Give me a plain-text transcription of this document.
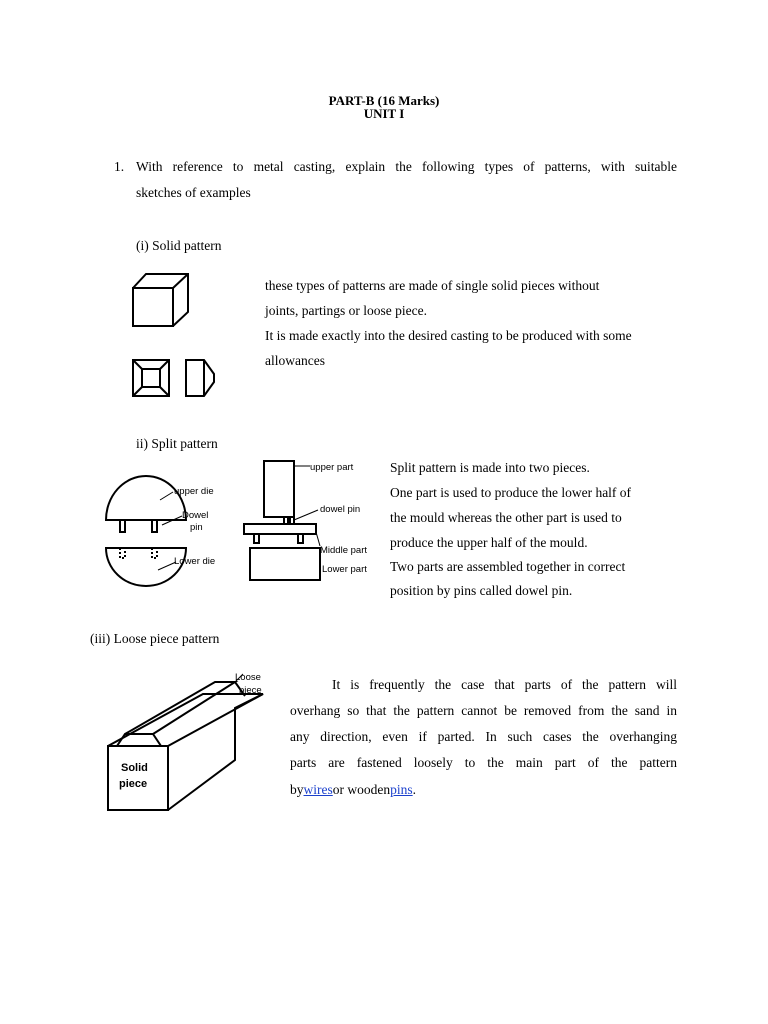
PART-B (16 Marks)
UNIT I
1. With reference to metal casting, explain the following types of patterns, with suitable
sketches of examples
(i) Solid pattern
these types of patterns are made of single solid pieces without
joints, partings or loose piece.
It is made exactly into the desired casting to be produced with some
allowances
ii) Split pattern
upper die
Dowel
pin
Lower die
upper part
dowel pin
Middle part
Lower part
Split pattern is made into two pieces.
One part is used to produce the lower half of
the mould whereas the other part is used to
produce the upper half of the mould.
Two parts are assembled together in correct
position by pins called dowel pin.
(iii) Loose piece pattern
Loose
piece
Solid
piece
It is frequently the case that parts of the pattern will
overhang so that the pattern cannot be removed from the sand in
any direction, even if parted. In such cases the overhanging
parts are fastened loosely to the main part of the pattern
bywiresor woodenpins.
